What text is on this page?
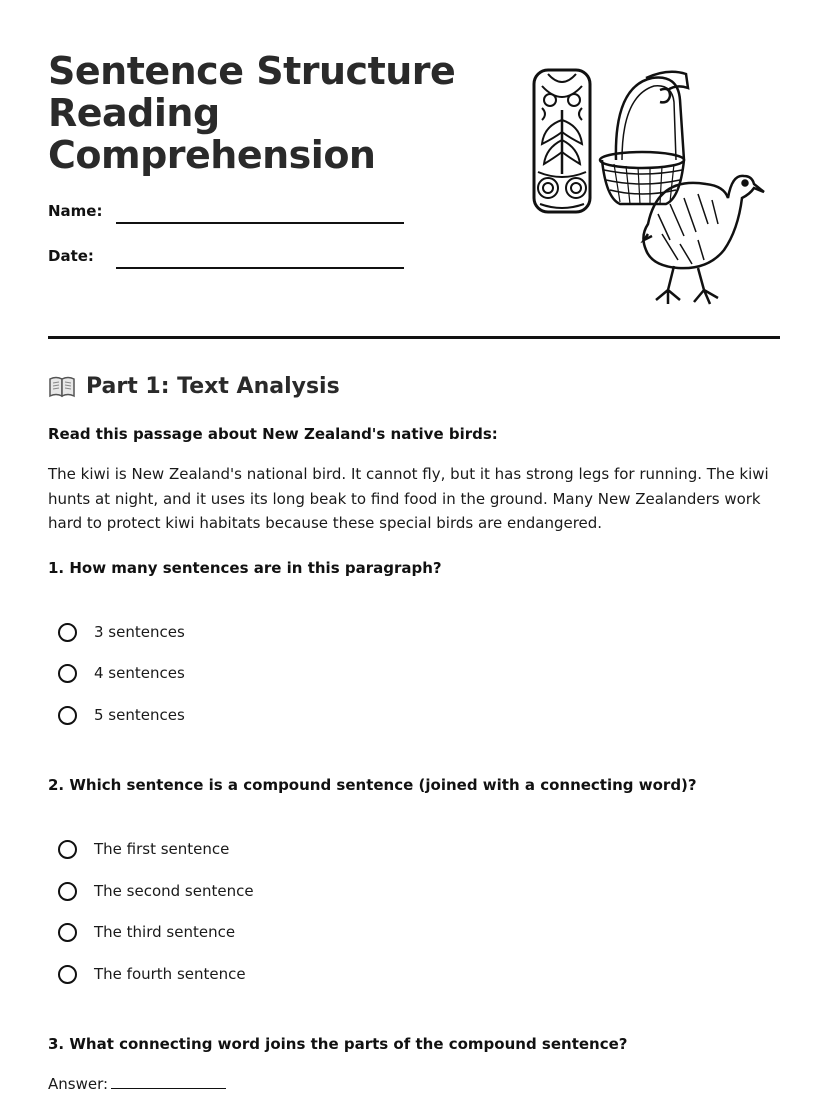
Sentence Structure
Reading
Comprehension
Name:
Date:
Part 1: Text Analysis
Read this passage about New Zealand's native birds:

The kiwi is New Zealand's national bird. It cannot fly, but it has strong legs for running. The kiwi hunts at night, and it uses its long beak to find food in the ground. Many New Zealanders work hard to protect kiwi habitats because these special birds are endangered.

1. How many sentences are in this paragraph?
3 sentences
4 sentences
5 sentences
2. Which sentence is a compound sentence (joined with a connecting word)?
The first sentence
The second sentence
The third sentence
The fourth sentence
3. What connecting word joins the parts of the compound sentence?
Answer:
